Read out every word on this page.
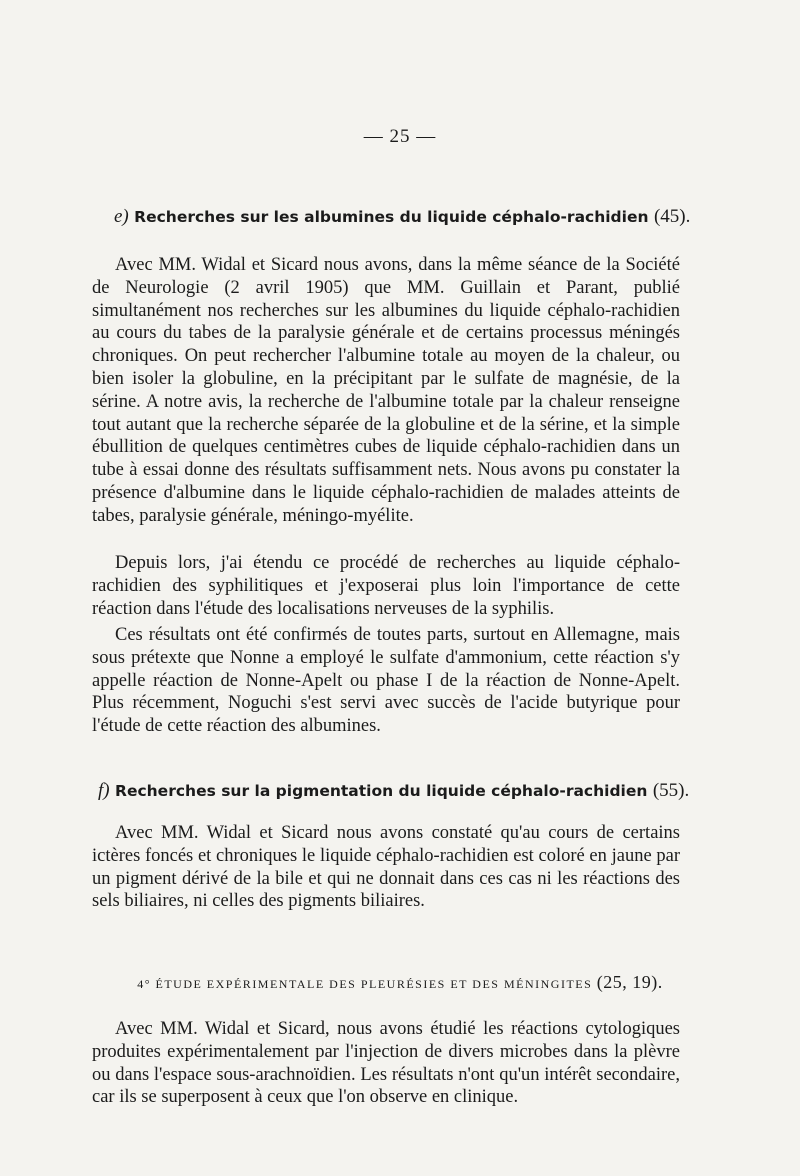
— 25 —
e) Recherches sur les albumines du liquide céphalo-rachidien (45).

Avec MM. Widal et Sicard nous avons, dans la même séance de la Société de Neurologie (2 avril 1905) que MM. Guillain et Parant, publié simultanément nos recherches sur les albumines du liquide céphalo-rachidien au cours du tabes de la paralysie générale et de certains processus méningés chroniques. On peut rechercher l'albumine totale au moyen de la chaleur, ou bien isoler la globuline, en la précipitant par le sulfate de magnésie, de la sérine. A notre avis, la recherche de l'albumine totale par la chaleur renseigne tout autant que la recherche séparée de la globuline et de la sérine, et la simple ébullition de quelques centimètres cubes de liquide céphalo-rachidien dans un tube à essai donne des résultats suffisamment nets. Nous avons pu constater la présence d'albumine dans le liquide céphalo-rachidien de malades atteints de tabes, paralysie générale, méningo-myélite.

Depuis lors, j'ai étendu ce procédé de recherches au liquide céphalo-rachidien des syphilitiques et j'exposerai plus loin l'importance de cette réaction dans l'étude des localisations nerveuses de la syphilis.

Ces résultats ont été confirmés de toutes parts, surtout en Allemagne, mais sous prétexte que Nonne a employé le sulfate d'ammonium, cette réaction s'y appelle réaction de Nonne-Apelt ou phase I de la réaction de Nonne-Apelt. Plus récemment, Noguchi s'est servi avec succès de l'acide butyrique pour l'étude de cette réaction des albumines.

f) Recherches sur la pigmentation du liquide céphalo-rachidien (55).

Avec MM. Widal et Sicard nous avons constaté qu'au cours de certains ictères foncés et chroniques le liquide céphalo-rachidien est coloré en jaune par un pigment dérivé de la bile et qui ne donnait dans ces cas ni les réactions des sels biliaires, ni celles des pigments biliaires.

4° ÉTUDE EXPÉRIMENTALE DES PLEURÉSIES ET DES MÉNINGITES (25, 19).

Avec MM. Widal et Sicard, nous avons étudié les réactions cytologiques produites expérimentalement par l'injection de divers microbes dans la plèvre ou dans l'espace sous-arachnoïdien. Les résultats n'ont qu'un intérêt secondaire, car ils se superposent à ceux que l'on observe en clinique.
